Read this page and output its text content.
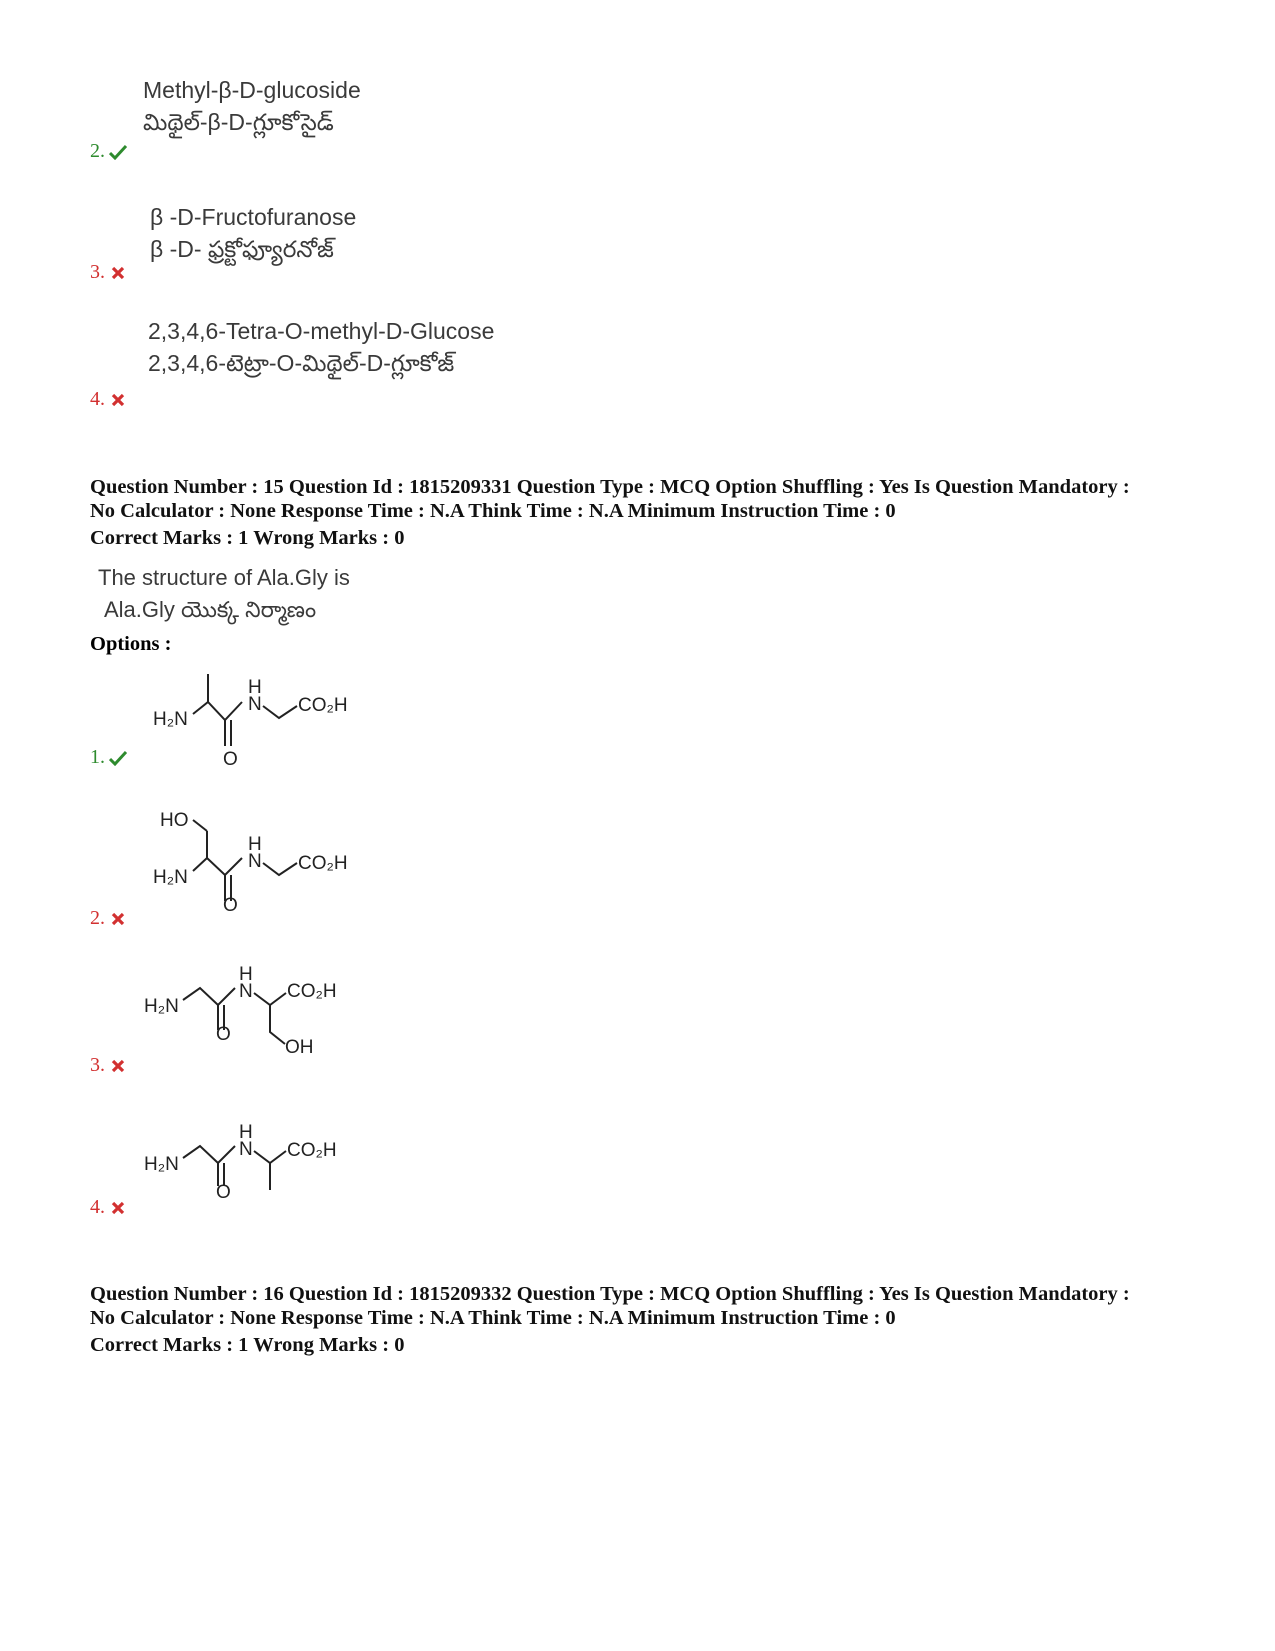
Methyl-β-D-glucoside
మిథైల్-β-D-గ్లూకోసైడ్
2.
β -D-Fructofuranose
β -D- ఫ్రక్టోఫ్యూరనోజ్
3.
2,3,4,6-Tetra-O-methyl-D-Glucose
2,3,4,6-టెట్రా-O-మిథైల్-D-గ్లూకోజ్
4.
Question Number : 15 Question Id : 1815209331 Question Type : MCQ Option Shuffling : Yes Is Question Mandatory :
No Calculator : None Response Time : N.A Think Time : N.A Minimum Instruction Time : 0
Correct Marks : 1 Wrong Marks : 0
The structure of Ala.Gly is
Ala.Gly యొక్క నిర్మాణం
Options :
H₂N
O
H
N CO₂H
1.
HO
H₂N
O
H
N CO₂H
2.
H₂N
O
H
N CO₂H
OH
3.
H₂N
O
H
N CO₂H
4.
Question Number : 16 Question Id : 1815209332 Question Type : MCQ Option Shuffling : Yes Is Question Mandatory :
No Calculator : None Response Time : N.A Think Time : N.A Minimum Instruction Time : 0
Correct Marks : 1 Wrong Marks : 0
